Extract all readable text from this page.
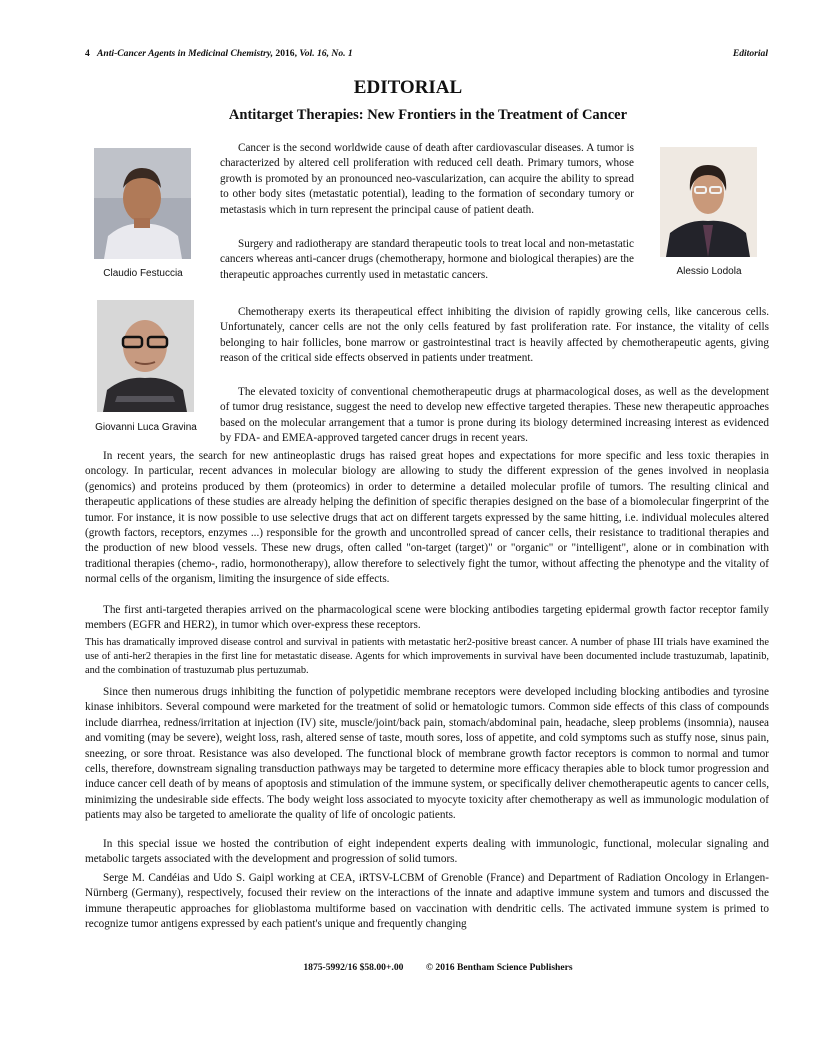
4 Anti-Cancer Agents in Medicinal Chemistry, 2016, Vol. 16, No. 1	Editorial
EDITORIAL
Antitarget Therapies: New Frontiers in the Treatment of Cancer
Claudio Festuccia	Alessio Lodola
Giovanni Luca Gravina

Cancer is the second worldwide cause of death after cardiovascular diseases. A tumor is characterized by altered cell proliferation with reduced cell death. Primary tumors, whose growth is promoted by an pronounced neo-vascularization, can acquire the ability to spread to other body sites (metastatic potential), leading to the formation of secondary tumory or metastasis which in turn represent the principal cause of patient death.

Surgery and radiotherapy are standard therapeutic tools to treat local and non-metastatic cancers whereas anti-cancer drugs (chemotherapy, hormone and biological therapies) are the therapeutic approaches currently used in metastatic cancers.

Chemotherapy exerts its therapeutical effect inhibiting the division of rapidly growing cells, like cancerous cells. Unfortunately, cancer cells are not the only cells featured by fast proliferation rate. For instance, the vitality of cells belonging to hair follicles, bone marrow or gastrointestinal tract is heavily affected by chemotherapeutic agents, giving reason of the critical side effects observed in patients under treatment.

The elevated toxicity of conventional chemotherapeutic drugs at pharmacological doses, as well as the development of tumor drug resistance, suggest the need to develop new effective targeted therapies. These new therapeutic approaches based on the molecular arrangement that a tumor is prone during its biology determined increasing interest as evidenced by FDA- and EMEA-approved targeted cancer drugs in recent years.

In recent years, the search for new antineoplastic drugs has raised great hopes and expectations for more specific and less toxic therapies in oncology. In particular, recent advances in molecular biology are allowing to study the different expression of the genes involved in neoplasia (genomics) and proteins produced by them (proteomics) in order to determine a detailed molecular profile of tumors. The resulting clinical and therapeutic applications of these studies are already helping the definition of specific therapies designed on the base of a biomolecular fingerprint of the tumor. For instance, it is now possible to use selective drugs that act on different targets expressed by the same hitting, i.e. individual molecules altered (growth factors, receptors, enzymes ...) responsible for the growth and uncontrolled spread of cancer cells, their resistance to traditional therapies and the production of new blood vessels. These new drugs, often called "on-target (target)" or "organic" or "intelligent", alone or in combination with traditional therapies (chemo-, radio, hormonotherapy), allow therefore to selectively fight the tumor, without affecting the phenotype and the vitality of normal cells of the organism, limiting the insurgence of side effects.

The first anti-targeted therapies arrived on the pharmacological scene were blocking antibodies targeting epidermal growth factor receptor family members (EGFR and HER2), in tumor which over-express these receptors.

This has dramatically improved disease control and survival in patients with metastatic her2-positive breast cancer. A number of phase III trials have examined the use of anti-her2 therapies in the first line for metastatic disease. Agents for which improvements in survival have been documented include trastuzumab, lapatinib, and the combination of trastuzumab plus pertuzumab.

Since then numerous drugs inhibiting the function of polypetidic membrane receptors were developed including blocking antibodies and tyrosine kinase inhibitors. Several compound were marketed for the treatment of solid or hematologic tumors. Common side effects of this class of compounds include diarrhea, redness/irritation at injection (IV) site, muscle/joint/back pain, stomach/abdominal pain, headache, sleep problems (insomnia), nausea and vomiting (may be severe), weight loss, rash, altered sense of taste, mouth sores, loss of appetite, and cold symptoms such as stuffy nose, sinus pain, sneezing, or sore throat. Resistance was also developed. The functional block of membrane growth factor receptors is common to normal and tumor cells, therefore, downstream signaling transduction pathways may be targeted to determine more efficacy therapies able to block tumor progression and induce cancer cell death of by means of apoptosis and stimulation of the immune system, or specifically deliver chemotherapeutic agents to cancer cells, minimizing the undesirable side effects. The body weight loss associated to myocyte toxicity after chemotherapy as well as immunologic modulation of patients may also be targeted to ameliorate the quality of life of oncologic patients.

In this special issue we hosted the contribution of eight independent experts dealing with immunologic, functional, molecular signaling and metabolic targets associated with the development and progression of solid tumors.

Serge M. Candéias and Udo S. Gaipl working at CEA, iRTSV-LCBM of Grenoble (France) and Department of Radiation Oncology in Erlangen-Nürnberg (Germany), respectively, focused their review on the interactions of the innate and adaptive immune system and tumors and discussed the immune therapeutic approaches for glioblastoma multiforme based on vaccination with dendritic cells. The activated immune system is primed to recognize tumor antigens expressed by each patient's unique and frequently changing

1875-5992/16 $58.00+.00 © 2016 Bentham Science Publishers
